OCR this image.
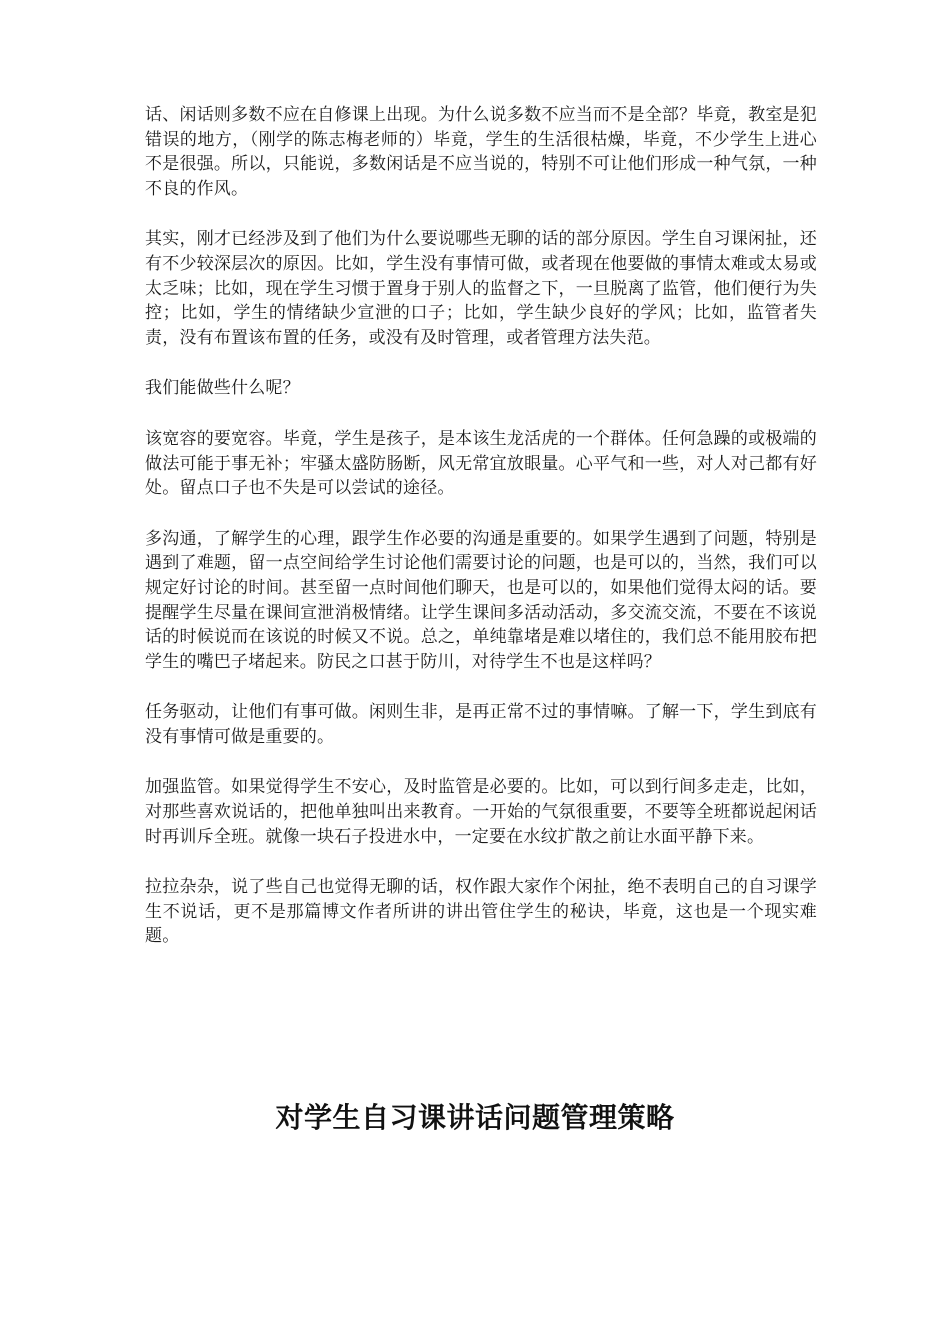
话、闲话则多数不应在自修课上出现。为什么说多数不应当而不是全部？毕竟，教室是犯错误的地方，（刚学的陈志梅老师的）毕竟，学生的生活很枯燥，毕竟，不少学生上进心不是很强。所以，只能说，多数闲话是不应当说的，特别不可让他们形成一种气氛，一种不良的作风。

其实，刚才已经涉及到了他们为什么要说哪些无聊的话的部分原因。学生自习课闲扯，还有不少较深层次的原因。比如，学生没有事情可做，或者现在他要做的事情太难或太易或太乏味；比如，现在学生习惯于置身于别人的监督之下，一旦脱离了监管，他们便行为失控；比如，学生的情绪缺少宣泄的口子；比如，学生缺少良好的学风；比如，监管者失责，没有布置该布置的任务，或没有及时管理，或者管理方法失范。

我们能做些什么呢？

该宽容的要宽容。毕竟，学生是孩子，是本该生龙活虎的一个群体。任何急躁的或极端的做法可能于事无补；牢骚太盛防肠断，风无常宜放眼量。心平气和一些，对人对己都有好处。留点口子也不失是可以尝试的途径。

多沟通，了解学生的心理，跟学生作必要的沟通是重要的。如果学生遇到了问题，特别是遇到了难题，留一点空间给学生讨论他们需要讨论的问题，也是可以的，当然，我们可以规定好讨论的时间。甚至留一点时间他们聊天，也是可以的，如果他们觉得太闷的话。要提醒学生尽量在课间宣泄消极情绪。让学生课间多活动活动，多交流交流，不要在不该说话的时候说而在该说的时候又不说。总之，单纯靠堵是难以堵住的，我们总不能用胶布把学生的嘴巴子堵起来。防民之口甚于防川，对待学生不也是这样吗？

任务驱动，让他们有事可做。闲则生非，是再正常不过的事情嘛。了解一下，学生到底有没有事情可做是重要的。

加强监管。如果觉得学生不安心，及时监管是必要的。比如，可以到行间多走走，比如，对那些喜欢说话的，把他单独叫出来教育。一开始的气氛很重要，不要等全班都说起闲话时再训斥全班。就像一块石子投进水中，一定要在水纹扩散之前让水面平静下来。

拉拉杂杂，说了些自己也觉得无聊的话，权作跟大家作个闲扯，绝不表明自己的自习课学生不说话，更不是那篇博文作者所讲的讲出管住学生的秘诀，毕竟，这也是一个现实难题。

对学生自习课讲话问题管理策略
